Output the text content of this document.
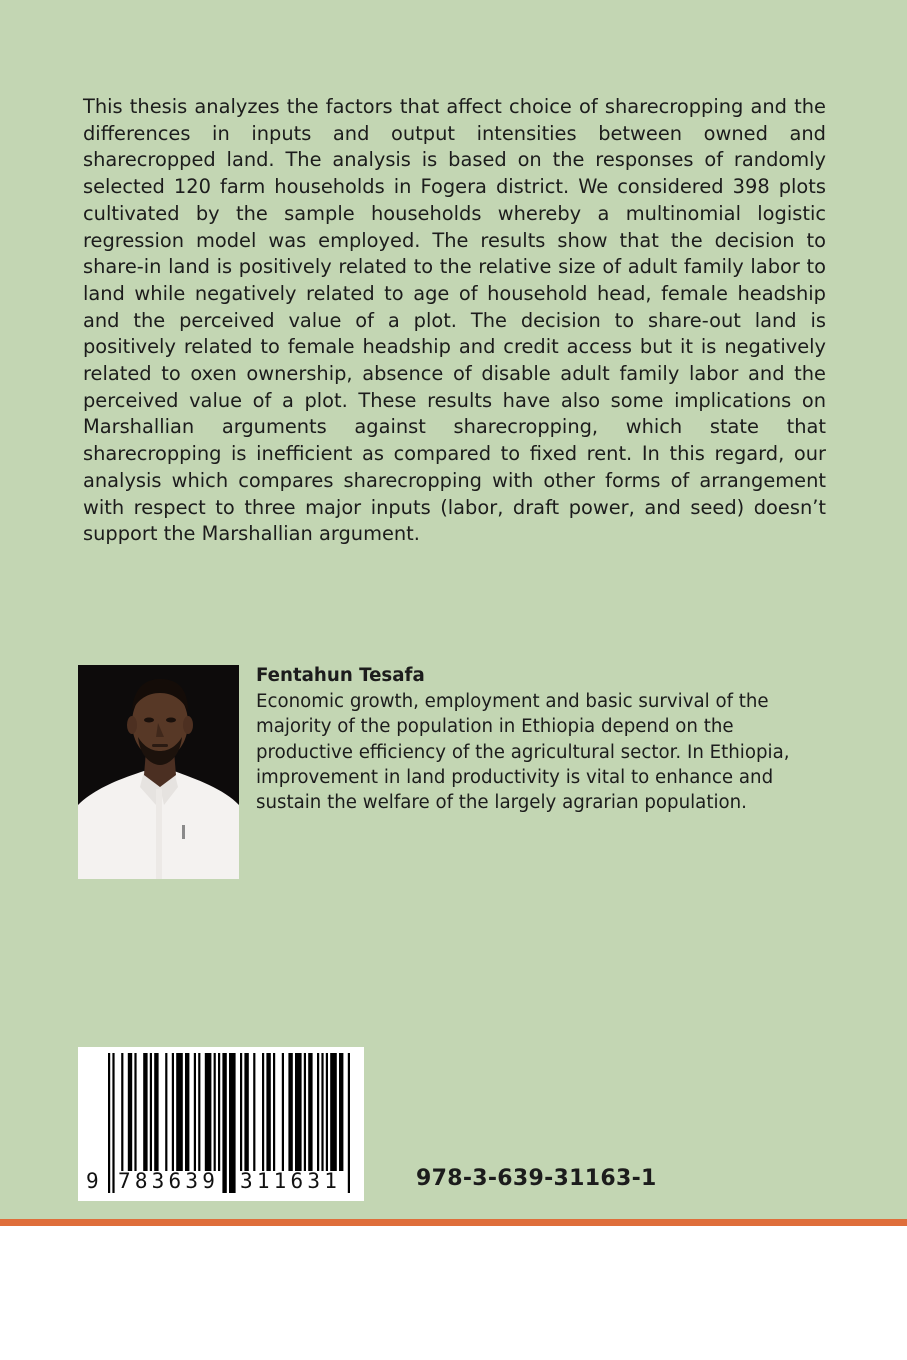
This thesis analyzes the factors that affect choice of sharecropping and the differences in inputs and output intensities between owned and sharecropped land. The analysis is based on the responses of randomly selected 120 farm households in Fogera district. We considered 398 plots cultivated by the sample households whereby a multinomial logistic regression model was employed. The results show that the decision to share-in land is positively related to the relative size of adult family labor to land while negatively related to age of household head, female headship and the perceived value of a plot. The decision to share-out land is positively related to female headship and credit access but it is negatively related to oxen ownership, absence of disable adult family labor and the perceived value of a plot. These results have also some implications on Marshallian arguments against sharecropping, which state that sharecropping is inefficient as compared to fixed rent. In this regard, our analysis which compares sharecropping with other forms of arrangement with respect to three major inputs (labor, draft power, and seed) doesn’t support the Marshallian argument.

Fentahun Tesafa

Economic growth, employment and basic survival of the majority of the population in Ethiopia depend on the productive efficiency of the agricultural sector. In Ethiopia, improvement in land productivity is vital to enhance and sustain the welfare of the largely agrarian population.

9 783639 311631	978-3-639-31163-1
